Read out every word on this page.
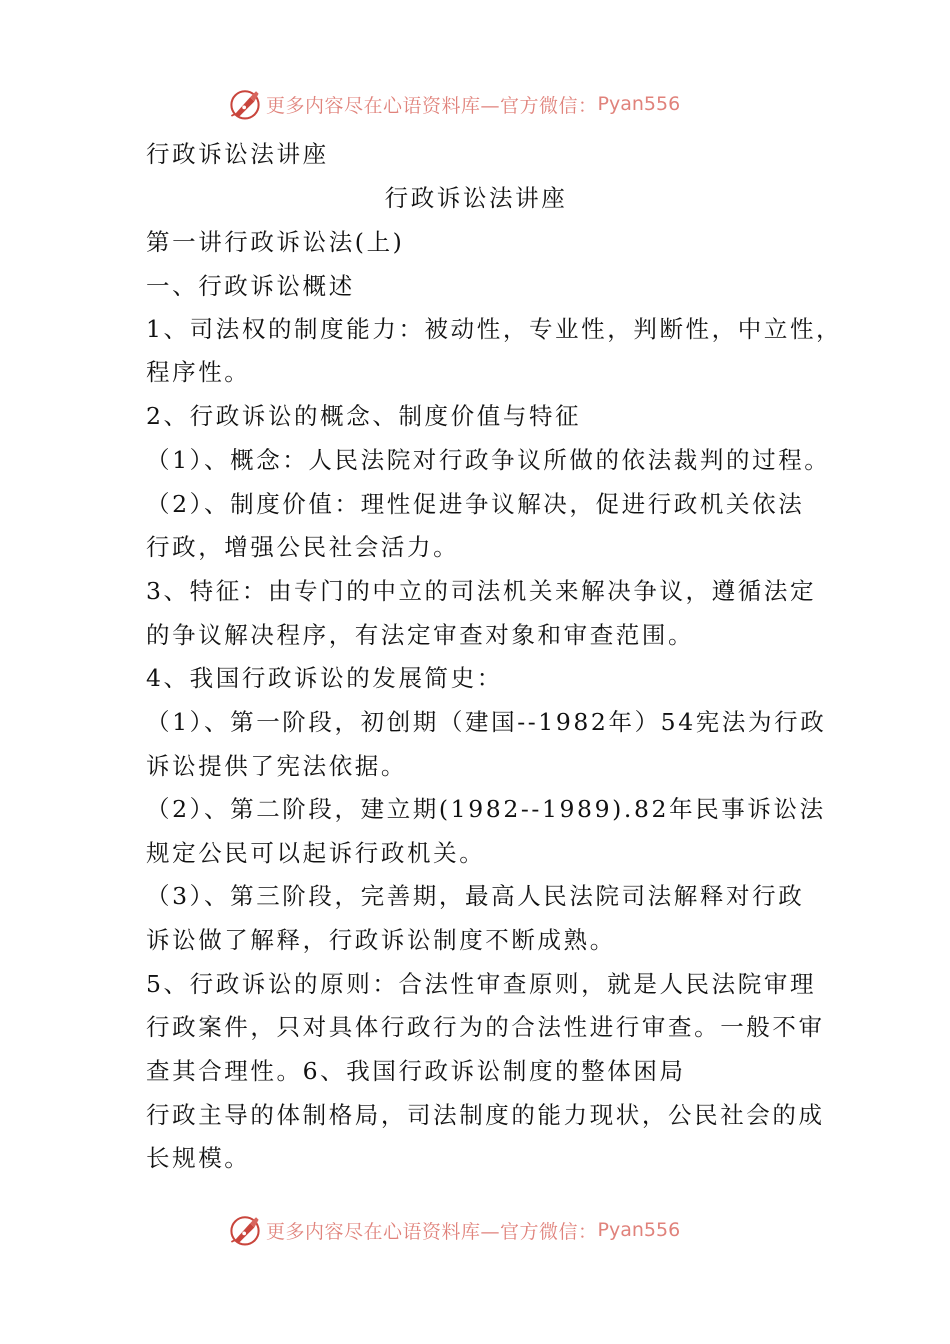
更多内容尽在心语资料库—官方微信： Pyan556
行政诉讼法讲座
行政诉讼法讲座
第一讲行政诉讼法(上)
一、行政诉讼概述
1、司法权的制度能力：被动性，专业性，判断性，中立性，
程序性。
2、行政诉讼的概念、制度价值与特征
（1）、概念：人民法院对行政争议所做的依法裁判的过程。
（2）、制度价值：理性促进争议解决，促进行政机关依法
行政，增强公民社会活力。
3、特征：由专门的中立的司法机关来解决争议，遵循法定
的争议解决程序，有法定审查对象和审查范围。
4、我国行政诉讼的发展简史：
（1）、第一阶段，初创期（建国--1982年）54宪法为行政
诉讼提供了宪法依据。
（2）、第二阶段，建立期(1982--1989).82年民事诉讼法
规定公民可以起诉行政机关。
（3）、第三阶段，完善期，最高人民法院司法解释对行政
诉讼做了解释，行政诉讼制度不断成熟。
5、行政诉讼的原则：合法性审查原则，就是人民法院审理
行政案件，只对具体行政行为的合法性进行审查。一般不审
查其合理性。6、我国行政诉讼制度的整体困局
行政主导的体制格局，司法制度的能力现状，公民社会的成
长规模。
更多内容尽在心语资料库—官方微信： Pyan556
